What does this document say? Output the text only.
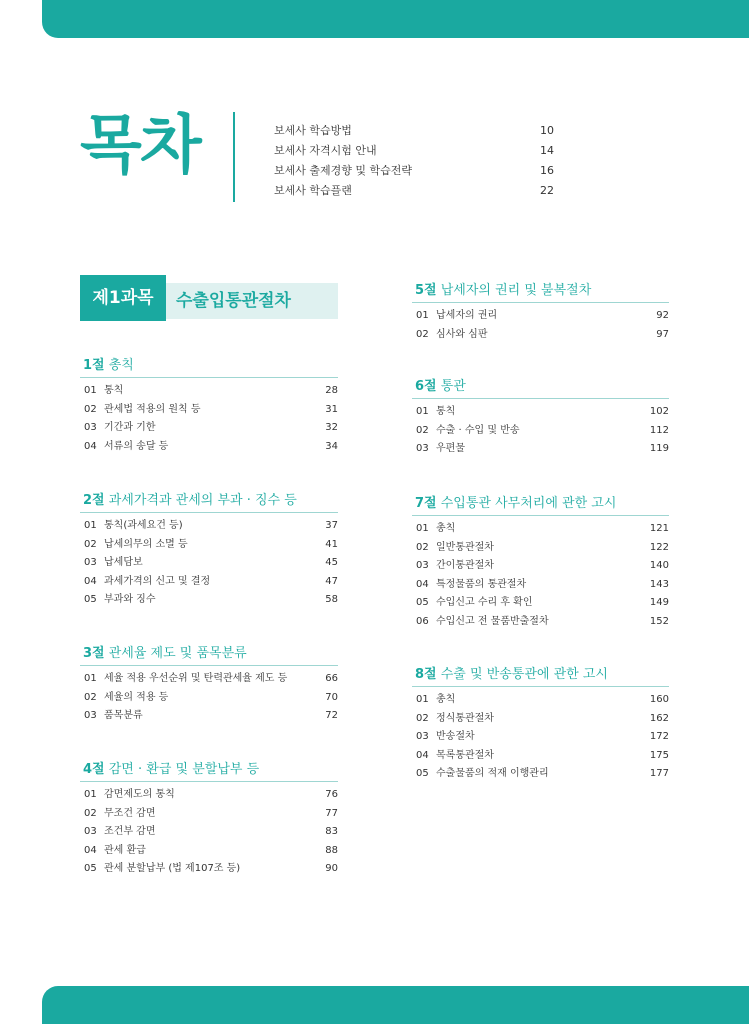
목차	보세사 학습방법	10
보세사 자격시험 안내	14
보세사 출제경향 및 학습전략	16
보세사 학습플랜	22
제1과목	수출입통관절차
1절 총칙
01 통칙	28
02 관세법 적용의 원칙 등	31
03 기간과 기한	32
04 서류의 송달 등	34
2절 과세가격과 관세의 부과 · 징수 등
01 통칙(과세요건 등)	37
02 납세의무의 소멸 등	41
03 납세담보	45
04 과세가격의 신고 및 결정	47
05 부과와 징수	58
3절 관세율 제도 및 품목분류
01 세율 적용 우선순위 및 탄력관세율 제도 등	66
02 세율의 적용 등	70
03 품목분류	72
4절 감면 · 환급 및 분할납부 등
01 감면제도의 통칙	76
02 무조건 감면	77
03 조건부 감면	83
04 관세 환급	88
05 관세 분할납부 (법 제107조 등)	90
5절 납세자의 권리 및 불복절차
01 납세자의 권리	92
02 심사와 심판	97
6절 통관
01 통칙	102
02 수출 · 수입 및 반송	112
03 우편물	119
7절 수입통관 사무처리에 관한 고시
01 총칙	121
02 일반통관절차	122
03 간이통관절차	140
04 특정물품의 통관절차	143
05 수입신고 수리 후 확인	149
06 수입신고 전 물품반출절차	152
8절 수출 및 반송통관에 관한 고시
01 총칙	160
02 정식통관절차	162
03 반송절차	172
04 목록통관절차	175
05 수출물품의 적재 이행관리	177
